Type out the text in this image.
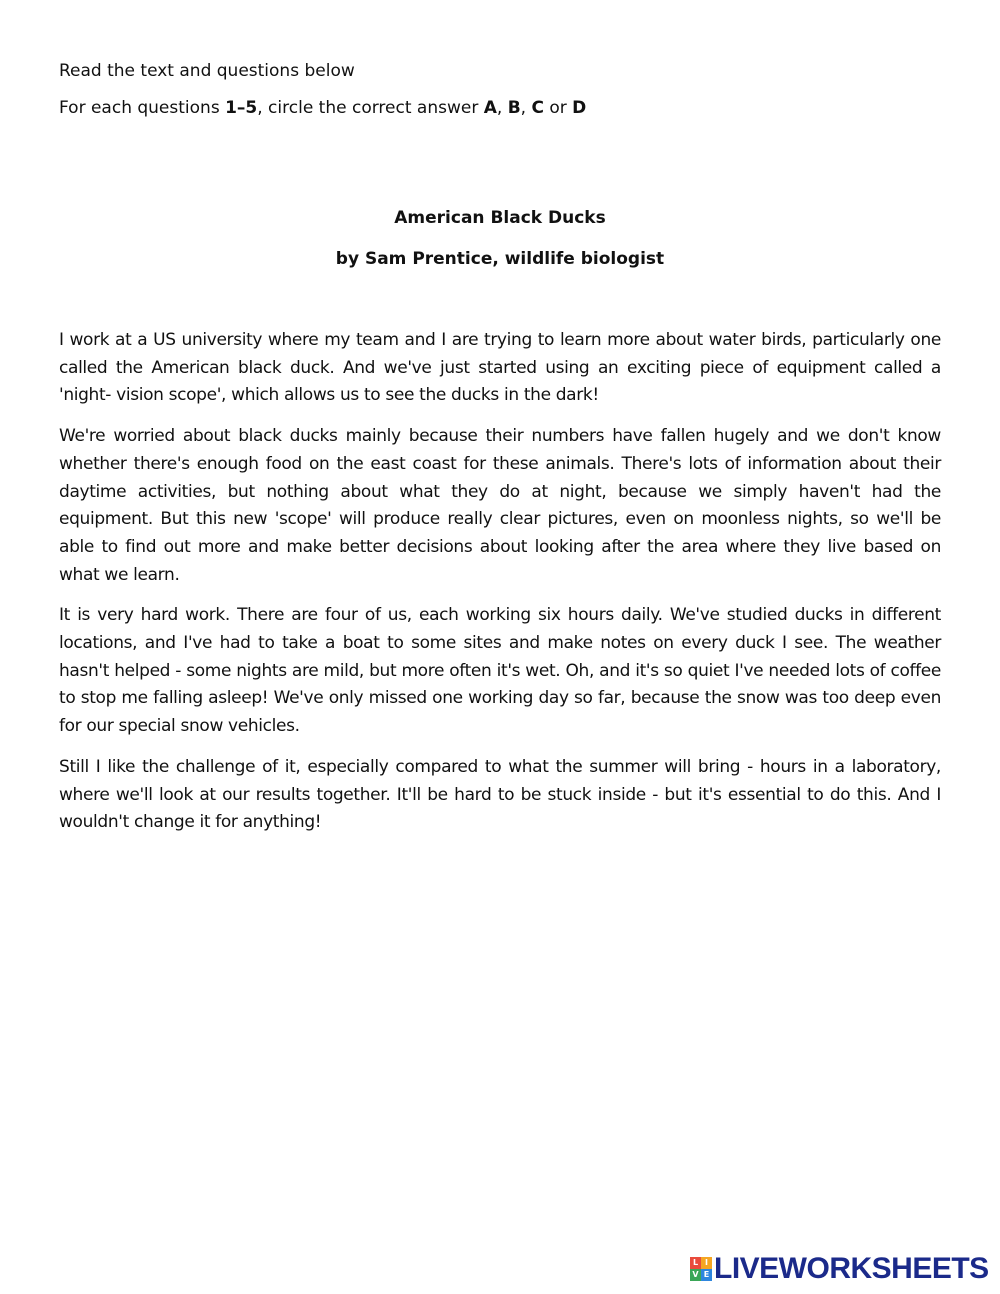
Read the text and questions below

For each questions 1–5, circle the correct answer A, B, C or D

American Black Ducks

by Sam Prentice, wildlife biologist

I work at a US university where my team and I are trying to learn more about water birds, particularly one called the American black duck. And we've just started using an exciting piece of equipment called a 'night- vision scope', which allows us to see the ducks in the dark!

We're worried about black ducks mainly because their numbers have fallen hugely and we don't know whether there's enough food on the east coast for these animals. There's lots of information about their daytime activities, but nothing about what they do at night, because we simply haven't had the equipment. But this new 'scope' will produce really clear pictures, even on moonless nights, so we'll be able to find out more and make better decisions about looking after the area where they live based on what we learn.

It is very hard work. There are four of us, each working six hours daily. We've studied ducks in different locations, and I've had to take a boat to some sites and make notes on every duck I see. The weather hasn't helped - some nights are mild, but more often it's wet. Oh, and it's so quiet I've needed lots of coffee to stop me falling asleep! We've only missed one working day so far, because the snow was too deep even for our special snow vehicles.

Still I like the challenge of it, especially compared to what the summer will bring - hours in a laboratory, where we'll look at our results together. It'll be hard to be stuck inside - but it's essential to do this. And I wouldn't change it for anything!

L I
V E LIVEWORKSHEETS
